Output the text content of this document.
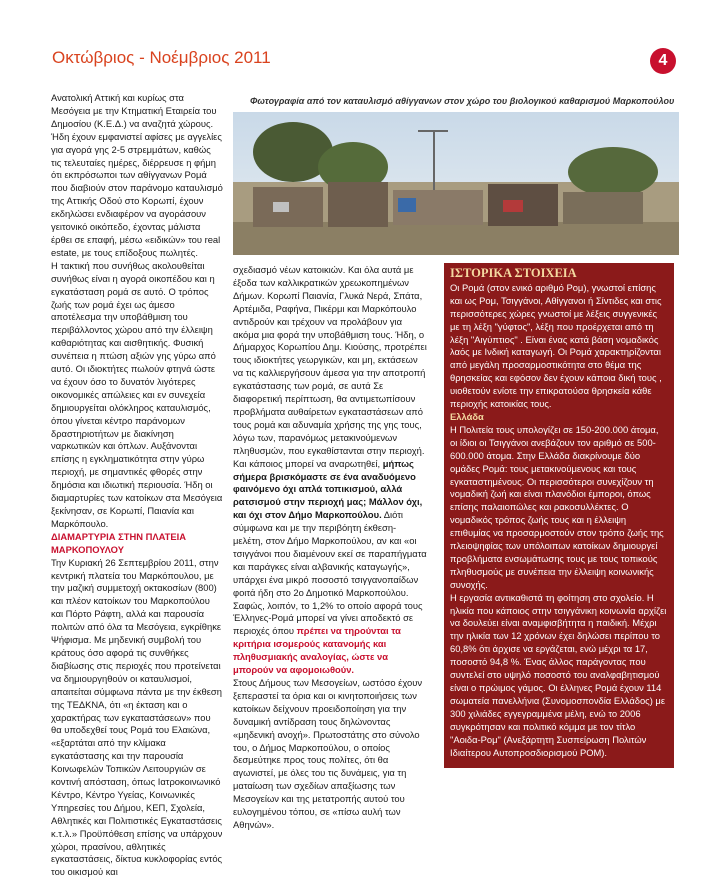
Οκτώβριος - Νοέμβριος 2011	4

Ανατολική Αττική και κυρίως στα Μεσόγεια με την Κτηματική Εταιρεία του Δημοσίου (Κ.Ε.Δ.) να αναζητά χώρους. Ήδη έχουν εμφανιστεί αφίσες με αγγελίες για αγορά γης 2-5 στρεμμάτων, καθώς τις τελευταίες ημέρες, διέρρευσε η φήμη ότι εκπρόσωποι των αθίγγανων Ρομά που διαβιούν στον παράνομο καταυλισμό της Αττικής Οδού στο Κορωπί, έχουν εκδηλώσει ενδιαφέρον να αγοράσουν γειτονικό οικόπεδο, έχοντας μάλιστα έρθει σε επαφή, μέσω «ειδικών» του real estate, με τους επίδοξους πωλητές.

Η τακτική που συνήθως ακολουθείται συνήθως είναι η αγορά οικοπέδου και η εγκατάσταση ρομά σε αυτό. Ο τρόπος ζωής των ρομά έχει ως άμεσο αποτέλεσμα την υποβάθμιση του περιβάλλοντος χώρου από την έλλειψη καθαριότητας και αισθητικής. Φυσική συνέπεια η πτώση αξιών γης γύρω από αυτό. Οι ιδιοκτήτες πωλούν φτηνά ώστε να έχουν όσο το δυνατόν λιγότερες οικονομικές απώλειες και εν συνεχεία δημιουργείται ολόκληρος καταυλισμός, όπου γίνεται κέντρο παράνομων δραστηριοτήτων με διακίνηση ναρκωτικών και όπλων. Αυξάνονται επίσης η εγκληματικότητα στην γύρω περιοχή, με σημαντικές φθορές στην δημόσια και ιδιωτική περιουσία. Ήδη οι διαμαρτυρίες των κατοίκων στα Μεσόγεια ξεκίνησαν, σε Κορωπί, Παιανία και Μαρκόπουλο.

ΔΙΑΜΑΡΤΥΡΙΑ ΣΤΗΝ ΠΛΑΤΕΙΑ ΜΑΡΚΟΠΟΥΛΟΥ

Την Κυριακή 26 Σεπτεμβρίου 2011, στην κεντρική πλατεία του Μαρκόπουλου, με την μαζική συμμετοχή οκτακοσίων (800) και πλέον κατοίκων του Μαρκοπούλου και Πόρτο Ράφτη, αλλά και παρουσία πολιτών από όλα τα Μεσόγεια, εγκρίθηκε Ψήφισμα. Με μηδενική συμβολή του κράτους όσο αφορά τις συνθήκες διαβίωσης στις περιοχές που προτείνεται να δημιουργηθούν οι καταυλισμοί, απαιτείται σύμφωνα πάντα με την έκθεση της ΤΕΔΚΝΑ, ότι «η έκταση και ο χαρακτήρας των εγκαταστάσεων» που θα υποδεχθεί τους Ρομά του Ελαιώνα, «εξαρτάται από την κλίμακα εγκατάστασης και την παρουσία Κοινωφελών Τοπικών Λειτουργιών σε κοντινή απόσταση, όπως Ιατροκοινωνικό Κέντρο, Κέντρο Υγείας, Κοινωνικές Υπηρεσίες του Δήμου, ΚΕΠ, Σχολεία, Αθλητικές και Πολιτιστικές Εγκαταστάσεις κ.τ.λ.» Προϋπόθεση επίσης να υπάρχουν χώροι, πρασίνου, αθλητικές εγκαταστάσεις, δίκτυα κυκλοφορίας εντός του οικισμού και

Φωτογραφία από τον καταυλισμό αθίγγανων στον χώρο του βιολογικού καθαρισμού Μαρκοπούλου

σχεδιασμό νέων κατοικιών. Και όλα αυτά με έξοδα των καλλικρατικών χρεωκοπημένων Δήμων. Κορωπί Παιανία, Γλυκά Νερά, Σπάτα, Αρτέμιδα, Ραφήνα, Πικέρμι και Μαρκόπουλο αντιδρούν και τρέχουν να προλάβουν για ακόμα μια φορά την υποβάθμιση τους. Ήδη, ο Δήμαρχος Κορωπίου Δημ. Κιούσης, προτρέπει τους ιδιοκτήτες γεωργικών, και μη, εκτάσεων να τις καλλιεργήσουν άμεσα για την αποτροπή εγκατάστασης των ρομά, σε αυτά Σε διαφορετική περίπτωση, θα αντιμετωπίσουν προβλήματα αυθαίρετων εγκαταστάσεων από τους ρομά και αδυναμία χρήσης της γης τους, λόγω των, παρανόμως μετακινούμενων πληθυσμών, που εγκαθίστανται στην περιοχή.

Και κάποιος μπορεί να αναρωτηθεί, μήπως σήμερα βρισκόμαστε σε ένα αναδυόμενο φαινόμενο όχι απλά τοπικισμού, αλλά ρατσισμού στην περιοχή μας; Μάλλον όχι, και όχι στον Δήμο Μαρκοπούλου. Διότι σύμφωνα και με την περιβόητη έκθεση- μελέτη, στον Δήμο Μαρκοπούλου, αν και «οι τσιγγάνοι που διαμένουν εκεί σε παραπήγματα και παράγκες είναι αλβανικής καταγωγής», υπάρχει ένα μικρό ποσοστό τσιγγανοπαίδων φοιτά ήδη στο 2ο Δημοτικό Μαρκοπούλου. Σαφώς, λοιπόν, το 1,2% το οποίο αφορά τους Έλληνες-Ρομά μπορεί να γίνει αποδεκτό σε περιοχές όπου πρέπει να τηρούνται τα κριτήρια ισομερούς κατανομής και πληθυσμιακής αναλογίας, ώστε να μπορούν να αφομοιωθούν.

Στους Δήμους των Μεσογείων, ωστόσο έχουν ξεπεραστεί τα όρια και οι κινητοποιήσεις των κατοίκων δείχνουν προειδοποίηση για την δυναμική αντίδραση τους δηλώνοντας «μηδενική ανοχή». Πρωτοστάτης στο σύνολο του, ο Δήμος Μαρκοπούλου, ο οποίος δεσμεύτηκε προς τους πολίτες, ότι θα αγωνιστεί, με όλες του τις δυνάμεις, για τη ματαίωση των σχεδίων απαξίωσης των Μεσογείων και της μετατροπής αυτού του ευλογημένου τόπου, σε «πίσω αυλή των Αθηνών».

ΙΣΤΟΡΙΚΑ ΣΤΟΙΧΕΙΑ

Οι Ρομά (στον ενικό αριθμό Ρομ), γνωστοί επίσης και ως Ρομ, Τσιγγάνοι, Αθίγγανοι ή Σίντιδες και στις περισσότερες χώρες γνωστοί με λέξεις συγγενικές με τη λέξη "γύφτος", λέξη που προέρχεται από τη λέξη "Αιγύπτιος" . Είναι ένας κατά βάση νομαδικός λαός με Ινδική καταγωγή. Οι Ρομά χαρακτηρίζονται από μεγάλη προσαρμοστικότητα στο θέμα της θρησκείας και εφόσον δεν έχουν κάποια δική τους , υιοθετούν ενίοτε την επικρατούσα θρησκεία κάθε περιοχής κατοικίας τους.

Ελλάδα

Η Πολιτεία τους υπολογίζει σε 150-200.000 άτομα, οι ίδιοι οι Τσιγγάνοι ανεβάζουν τον αριθμό σε 500-600.000 άτομα. Στην Ελλάδα διακρίνουμε δύο ομάδες Ρομά: τους μετακινούμενους και τους εγκαταστημένους. Οι περισσότεροι συνεχίζουν τη νομαδική ζωή και είναι πλανόδιοι έμποροι, όπως επίσης παλαιοπώλες και ρακοσυλλέκτες. Ο νομαδικός τρόπος ζωής τους και η έλλειψη επιθυμίας να προσαρμοστούν στον τρόπο ζωής της πλειοψηφίας των υπόλοιπων κατοίκων δημιουργεί προβλήματα ενσωμάτωσης τους με τους τοπικούς πληθυσμούς με συνέπεια την έλλειψη κοινωνικής συνοχής.

Η εργασία αντικαθιστά τη φοίτηση στο σχολείο. Η ηλικία που κάποιος στην τσιγγάνικη κοινωνία αρχίζει να δουλεύει είναι αναμφισβήτητα η παιδική. Μέχρι την ηλικία των 12 χρόνων έχει δηλώσει περίπου το 60,8% ότι άρχισε να εργάζεται, ενώ μέχρι τα 17, ποσοστό 94,8 %. Ένας άλλος παράγοντας που συντελεί στο υψηλό ποσοστό του αναλφαβητισμού είναι ο πρώιμος γάμος. Οι έλληνες Ρομά έχουν 114 σωματεία πανελλήνια (Συνομοσπονδία Ελλάδος) με 300 χιλιάδες εγγεγραμμένα μέλη, ενώ το 2006 συγκρότησαν και πολιτικό κόμμα με τον τίτλο "Αοιδα-Ρομ" (Ανεξάρτητη Συσπείρωση Πολιτών Ιδιαίτερου Αυτοπροσδιορισμού ΡΟΜ).
